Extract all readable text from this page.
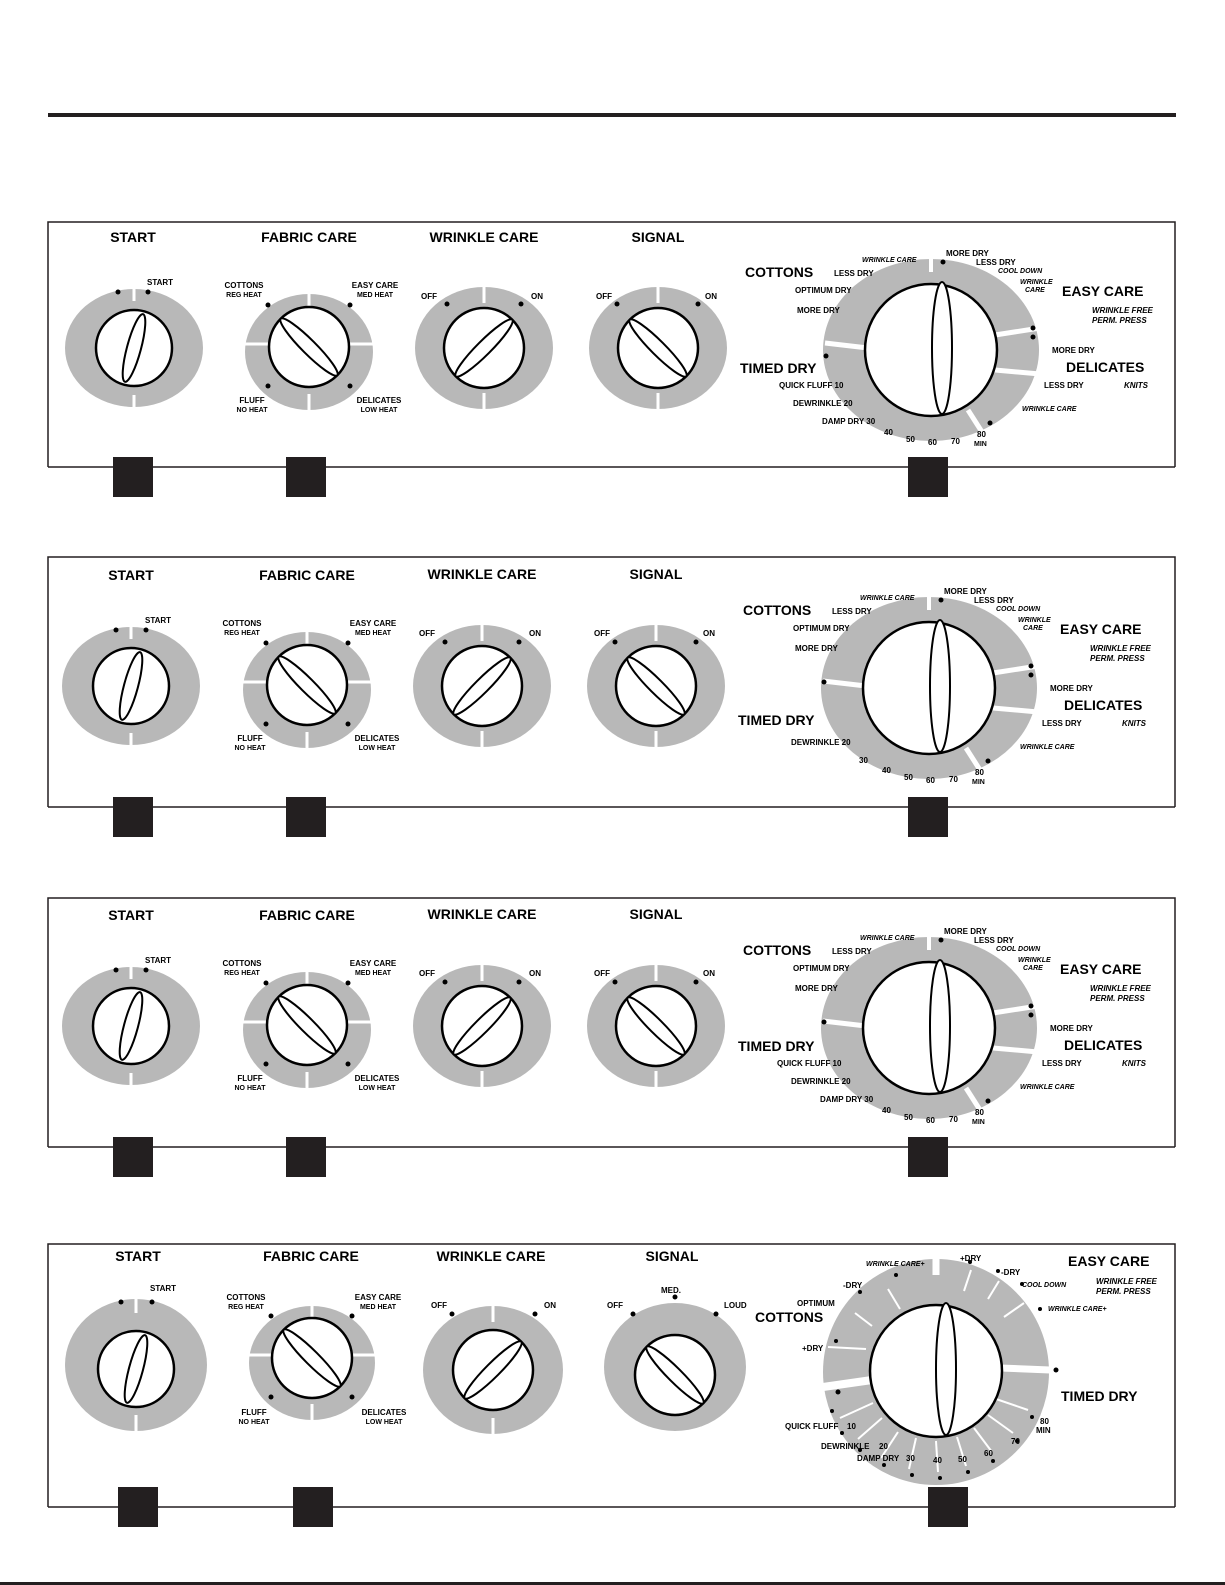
START
START
FABRIC CARE
COTTONS
REG HEAT
EASY CARE
MED HEAT
FLUFF
NO HEAT
DELICATES
LOW HEAT
WRINKLE CARE
OFF	ON
SIGNAL
OFF	ON
COTTONS	LESS DRY
WRINKLE CARE
OPTIMUM DRY
MORE DRY
MORE DRY
LESS DRY
COOL DOWN
WRINKLE
CARE EASY CARE
WRINKLE FREE
PERM. PRESS
MORE DRY
DELICATES
LESS DRY	KNITS
WRINKLE CARE
TIMED DRY
QUICK FLUFF 10
DEWRINKLE 20
DAMP DRY 30
40
50 60 70
80
MIN
START
START
FABRIC CARE
COTTONS
REG HEAT
EASY CARE
MED HEAT
FLUFF
NO HEAT
DELICATES
LOW HEAT
WRINKLE CARE
OFF	ON
SIGNAL
OFF	ON
COTTONS	LESS DRY
WRINKLE CARE
OPTIMUM DRY
MORE DRY
MORE DRY
LESS DRY
COOL DOWN
WRINKLE
CARE EASY CARE
WRINKLE FREE
PERM. PRESS
MORE DRY
DELICATES
LESS DRY	KNITS
WRINKLE CARE
TIMED DRY
DEWRINKLE 20
30
40
50 60 70
80
MIN
START
START
FABRIC CARE
COTTONS
REG HEAT
EASY CARE
MED HEAT
FLUFF
NO HEAT
DELICATES
LOW HEAT
WRINKLE CARE
OFF	ON
SIGNAL
OFF	ON
COTTONS	LESS DRY
WRINKLE CARE
OPTIMUM DRY
MORE DRY
MORE DRY
LESS DRY
COOL DOWN
WRINKLE
CARE EASY CARE
WRINKLE FREE
PERM. PRESS
MORE DRY
DELICATES
LESS DRY	KNITS
WRINKLE CARE
TIMED DRY
QUICK FLUFF 10
DEWRINKLE 20
DAMP DRY 30
40
50 60 70
80
MIN
START
START
FABRIC CARE
COTTONS
REG HEAT
EASY CARE
MED HEAT
FLUFF
NO HEAT
DELICATES
LOW HEAT
WRINKLE CARE
OFF	ON
SIGNAL
OFF
MED.
LOUD
WRINKLE CARE+
+DRY
-DRY
COOL DOWN
EASY CARE
WRINKLE FREE
PERM. PRESS
WRINKLE CARE+
-DRY
OPTIMUM
COTTONS
+DRY
TIMED DRY
QUICK FLUFF 10
DEWRINKLE 20
DAMP DRY 30 40 50
60
70
80
MIN
